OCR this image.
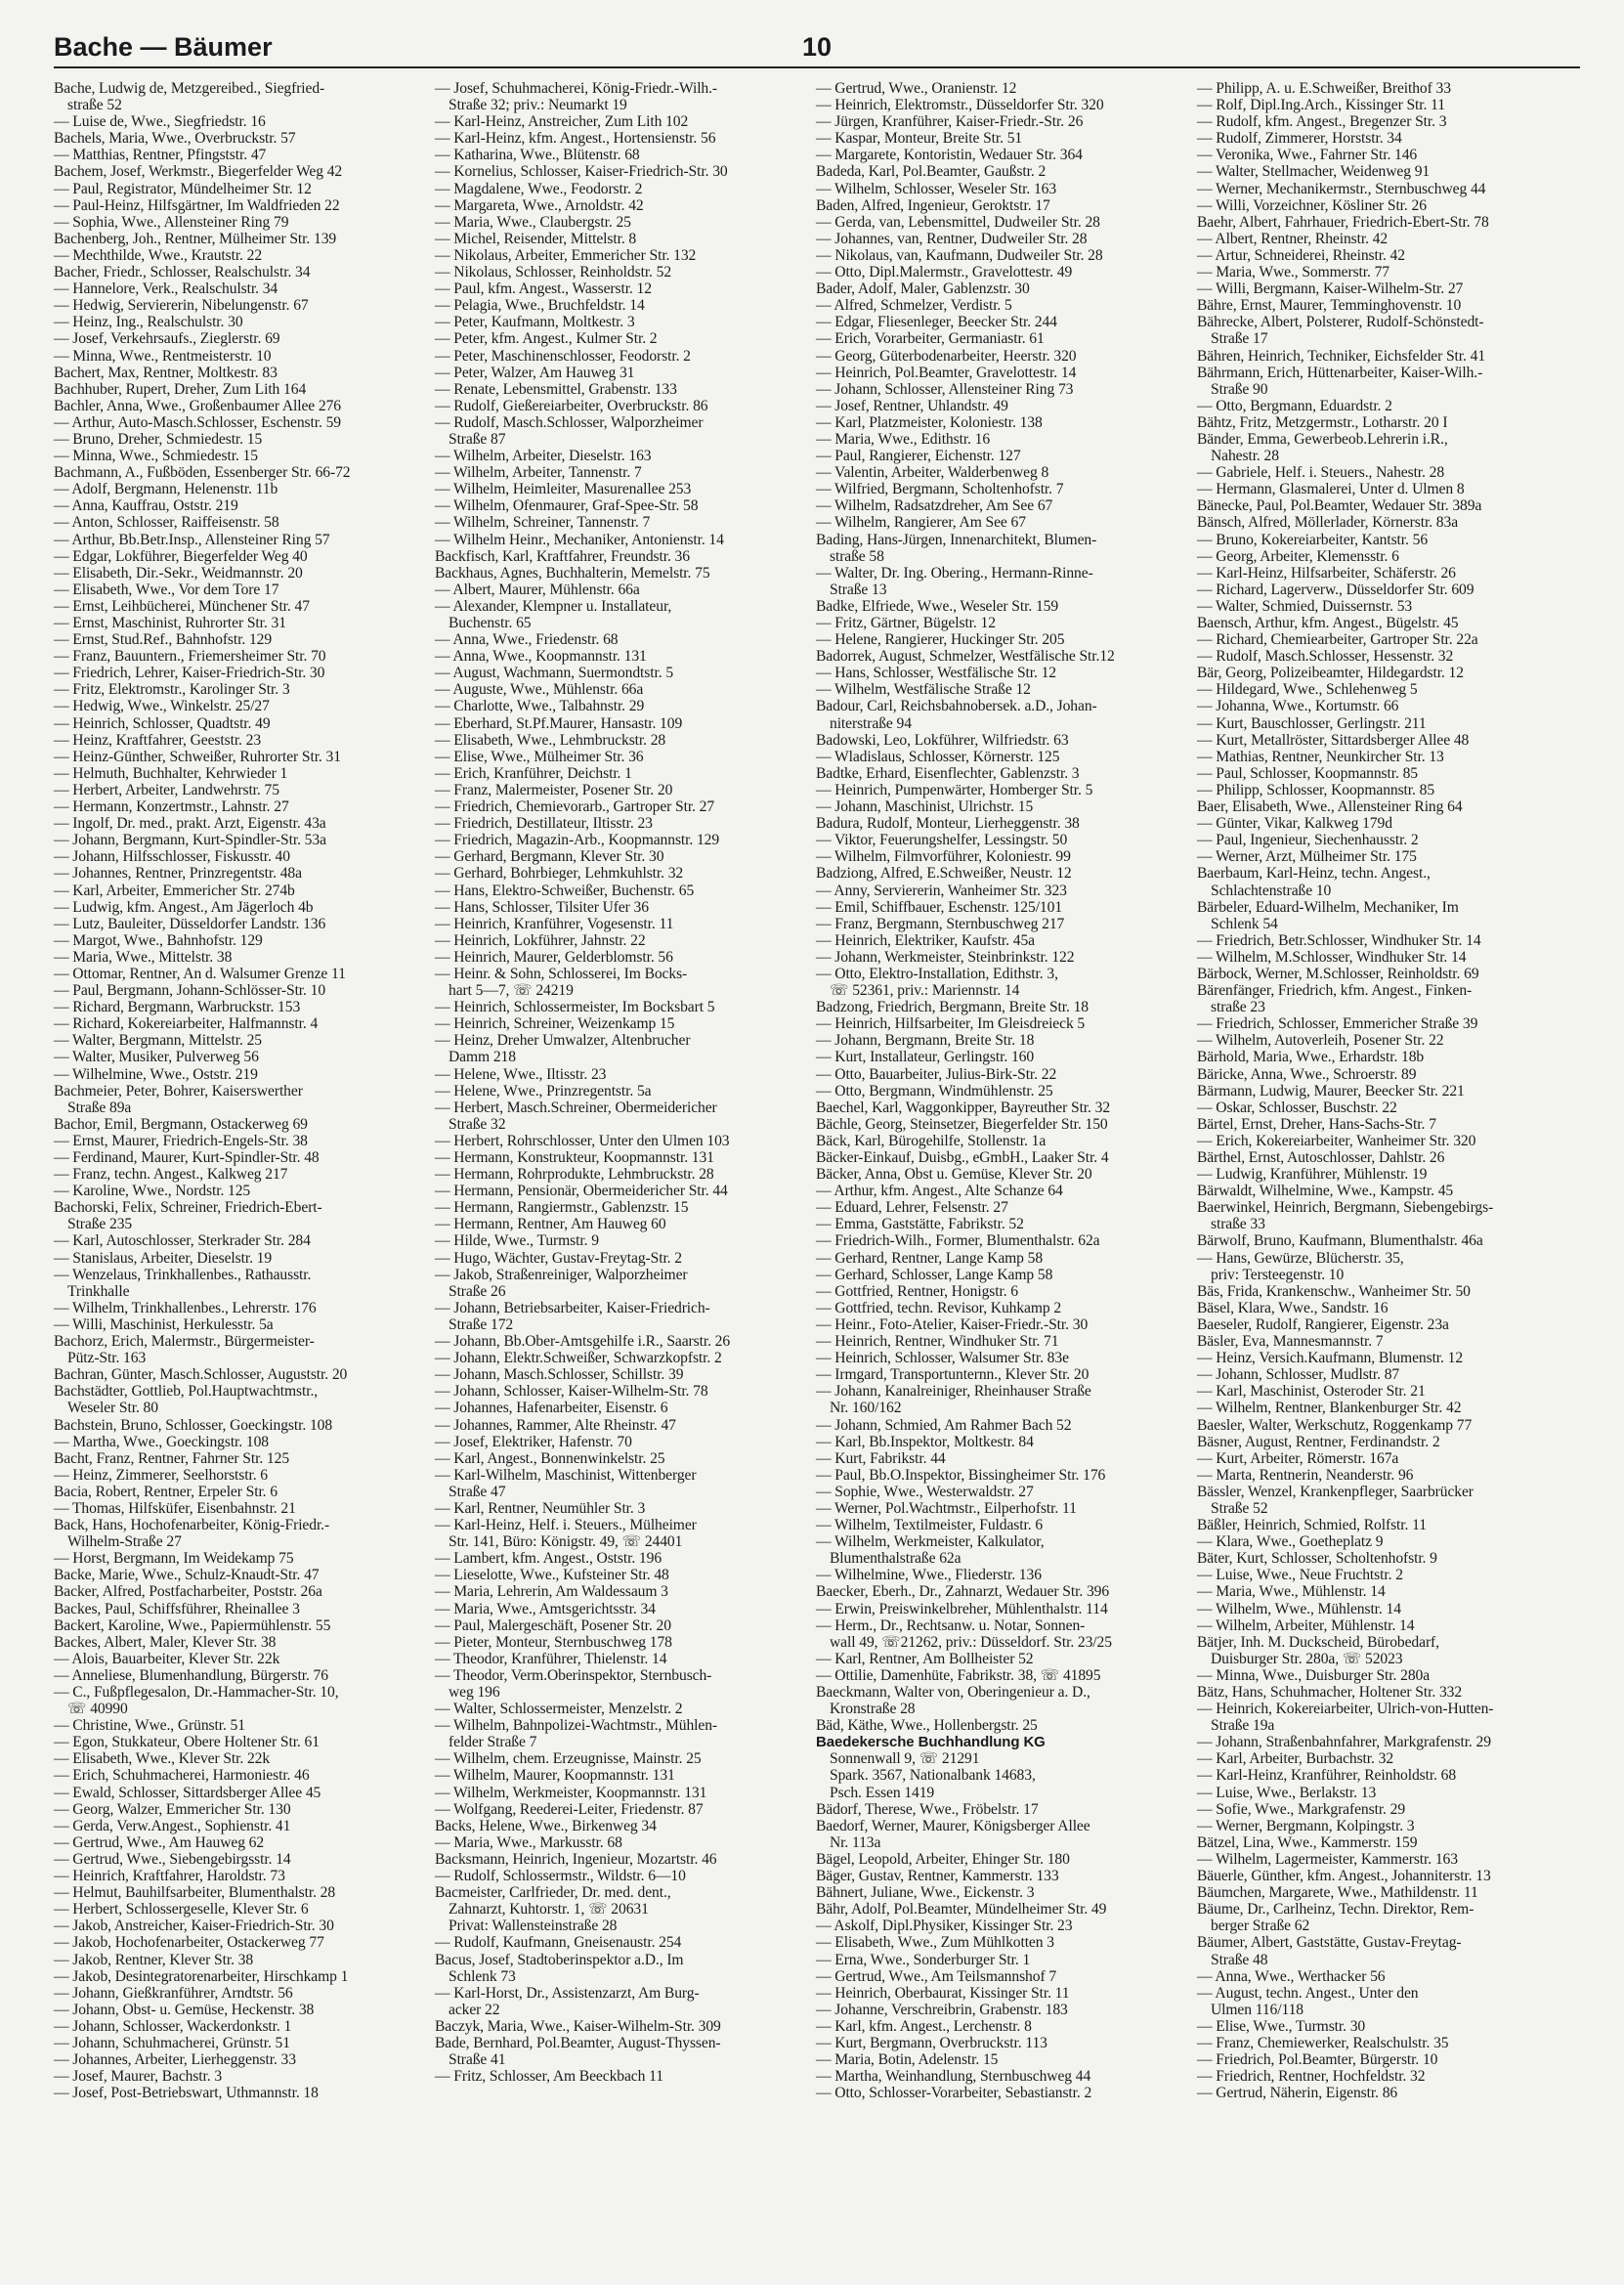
Bache — Bäumer	10

Bache, Ludwig de, Metzgereibed., Siegfried-

straße 52

— Luise de, Wwe., Siegfriedstr. 16

Bachels, Maria, Wwe., Overbruckstr. 57

— Matthias, Rentner, Pfingststr. 47

Bachem, Josef, Werkmstr., Biegerfelder Weg 42

— Paul, Registrator, Mündelheimer Str. 12

— Paul-Heinz, Hilfsgärtner, Im Waldfrieden 22

— Sophia, Wwe., Allensteiner Ring 79

Bachenberg, Joh., Rentner, Mülheimer Str. 139

— Mechthilde, Wwe., Krautstr. 22

Bacher, Friedr., Schlosser, Realschulstr. 34

— Hannelore, Verk., Realschulstr. 34

— Hedwig, Serviererin, Nibelungenstr. 67

— Heinz, Ing., Realschulstr. 30

— Josef, Verkehrsaufs., Zieglerstr. 69

— Minna, Wwe., Rentmeisterstr. 10

Bachert, Max, Rentner, Moltkestr. 83

Bachhuber, Rupert, Dreher, Zum Lith 164

Bachler, Anna, Wwe., Großenbaumer Allee 276

— Arthur, Auto-Masch.Schlosser, Eschenstr. 59

— Bruno, Dreher, Schmiedestr. 15

— Minna, Wwe., Schmiedestr. 15

Bachmann, A., Fußböden, Essenberger Str. 66-72

— Adolf, Bergmann, Helenenstr. 11b

— Anna, Kauffrau, Oststr. 219

— Anton, Schlosser, Raiffeisenstr. 58

— Arthur, Bb.Betr.Insp., Allensteiner Ring 57

— Edgar, Lokführer, Biegerfelder Weg 40

— Elisabeth, Dir.-Sekr., Weidmannstr. 20

— Elisabeth, Wwe., Vor dem Tore 17

— Ernst, Leihbücherei, Münchener Str. 47

— Ernst, Maschinist, Ruhrorter Str. 31

— Ernst, Stud.Ref., Bahnhofstr. 129

— Franz, Bauuntern., Friemersheimer Str. 70

— Friedrich, Lehrer, Kaiser-Friedrich-Str. 30

— Fritz, Elektromstr., Karolinger Str. 3

— Hedwig, Wwe., Winkelstr. 25/27

— Heinrich, Schlosser, Quadtstr. 49

— Heinz, Kraftfahrer, Geeststr. 23

— Heinz-Günther, Schweißer, Ruhrorter Str. 31

— Helmuth, Buchhalter, Kehrwieder 1

— Herbert, Arbeiter, Landwehrstr. 75

— Hermann, Konzertmstr., Lahnstr. 27

— Ingolf, Dr. med., prakt. Arzt, Eigenstr. 43a

— Johann, Bergmann, Kurt-Spindler-Str. 53a

— Johann, Hilfsschlosser, Fiskusstr. 40

— Johannes, Rentner, Prinzregentstr. 48a

— Karl, Arbeiter, Emmericher Str. 274b

— Ludwig, kfm. Angest., Am Jägerloch 4b

— Lutz, Bauleiter, Düsseldorfer Landstr. 136

— Margot, Wwe., Bahnhofstr. 129

— Maria, Wwe., Mittelstr. 38

— Ottomar, Rentner, An d. Walsumer Grenze 11

— Paul, Bergmann, Johann-Schlösser-Str. 10

— Richard, Bergmann, Warbruckstr. 153

— Richard, Kokereiarbeiter, Halfmannstr. 4

— Walter, Bergmann, Mittelstr. 25

— Walter, Musiker, Pulverweg 56

— Wilhelmine, Wwe., Oststr. 219

Bachmeier, Peter, Bohrer, Kaiserswerther

Straße 89a

Bachor, Emil, Bergmann, Ostackerweg 69

— Ernst, Maurer, Friedrich-Engels-Str. 38

— Ferdinand, Maurer, Kurt-Spindler-Str. 48

— Franz, techn. Angest., Kalkweg 217

— Karoline, Wwe., Nordstr. 125

Bachorski, Felix, Schreiner, Friedrich-Ebert-

Straße 235

— Karl, Autoschlosser, Sterkrader Str. 284

— Stanislaus, Arbeiter, Dieselstr. 19

— Wenzelaus, Trinkhallenbes., Rathausstr.

Trinkhalle

— Wilhelm, Trinkhallenbes., Lehrerstr. 176

— Willi, Maschinist, Herkulesstr. 5a

Bachorz, Erich, Malermstr., Bürgermeister-

Pütz-Str. 163

Bachran, Günter, Masch.Schlosser, Auguststr. 20

Bachstädter, Gottlieb, Pol.Hauptwachtmstr.,

Weseler Str. 80

Bachstein, Bruno, Schlosser, Goeckingstr. 108

— Martha, Wwe., Goeckingstr. 108

Bacht, Franz, Rentner, Fahrner Str. 125

— Heinz, Zimmerer, Seelhorststr. 6

Bacia, Robert, Rentner, Erpeler Str. 6

— Thomas, Hilfsküfer, Eisenbahnstr. 21

Back, Hans, Hochofenarbeiter, König-Friedr.-

Wilhelm-Straße 27

— Horst, Bergmann, Im Weidekamp 75

Backe, Marie, Wwe., Schulz-Knaudt-Str. 47

Backer, Alfred, Postfacharbeiter, Poststr. 26a

Backes, Paul, Schiffsführer, Rheinallee 3

Backert, Karoline, Wwe., Papiermühlenstr. 55

Backes, Albert, Maler, Klever Str. 38

— Alois, Bauarbeiter, Klever Str. 22k

— Anneliese, Blumenhandlung, Bürgerstr. 76

— C., Fußpflegesalon, Dr.-Hammacher-Str. 10,

☏ 40990

— Christine, Wwe., Grünstr. 51

— Egon, Stukkateur, Obere Holtener Str. 61

— Elisabeth, Wwe., Klever Str. 22k

— Erich, Schuhmacherei, Harmoniestr. 46

— Ewald, Schlosser, Sittardsberger Allee 45

— Georg, Walzer, Emmericher Str. 130

— Gerda, Verw.Angest., Sophienstr. 41

— Gertrud, Wwe., Am Hauweg 62

— Gertrud, Wwe., Siebengebirgsstr. 14

— Heinrich, Kraftfahrer, Haroldstr. 73

— Helmut, Bauhilfsarbeiter, Blumenthalstr. 28

— Herbert, Schlossergeselle, Klever Str. 6

— Jakob, Anstreicher, Kaiser-Friedrich-Str. 30

— Jakob, Hochofenarbeiter, Ostackerweg 77

— Jakob, Rentner, Klever Str. 38

— Jakob, Desintegratorenarbeiter, Hirschkamp 1

— Johann, Gießkranführer, Arndtstr. 56

— Johann, Obst- u. Gemüse, Heckenstr. 38

— Johann, Schlosser, Wackerdonkstr. 1

— Johann, Schuhmacherei, Grünstr. 51

— Johannes, Arbeiter, Lierheggenstr. 33

— Josef, Maurer, Bachstr. 3

— Josef, Post-Betriebswart, Uthmannstr. 18

— Josef, Schuhmacherei, König-Friedr.-Wilh.-

Straße 32; priv.: Neumarkt 19

— Karl-Heinz, Anstreicher, Zum Lith 102

— Karl-Heinz, kfm. Angest., Hortensienstr. 56

— Katharina, Wwe., Blütenstr. 68

— Kornelius, Schlosser, Kaiser-Friedrich-Str. 30

— Magdalene, Wwe., Feodorstr. 2

— Margareta, Wwe., Arnoldstr. 42

— Maria, Wwe., Claubergstr. 25

— Michel, Reisender, Mittelstr. 8

— Nikolaus, Arbeiter, Emmericher Str. 132

— Nikolaus, Schlosser, Reinholdstr. 52

— Paul, kfm. Angest., Wasserstr. 12

— Pelagia, Wwe., Bruchfeldstr. 14

— Peter, Kaufmann, Moltkestr. 3

— Peter, kfm. Angest., Kulmer Str. 2

— Peter, Maschinenschlosser, Feodorstr. 2

— Peter, Walzer, Am Hauweg 31

— Renate, Lebensmittel, Grabenstr. 133

— Rudolf, Gießereiarbeiter, Overbruckstr. 86

— Rudolf, Masch.Schlosser, Walporzheimer

Straße 87

— Wilhelm, Arbeiter, Dieselstr. 163

— Wilhelm, Arbeiter, Tannenstr. 7

— Wilhelm, Heimleiter, Masurenallee 253

— Wilhelm, Ofenmaurer, Graf-Spee-Str. 58

— Wilhelm, Schreiner, Tannenstr. 7

— Wilhelm Heinr., Mechaniker, Antonienstr. 14

Backfisch, Karl, Kraftfahrer, Freundstr. 36

Backhaus, Agnes, Buchhalterin, Memelstr. 75

— Albert, Maurer, Mühlenstr. 66a

— Alexander, Klempner u. Installateur,

Buchenstr. 65

— Anna, Wwe., Friedenstr. 68

— Anna, Wwe., Koopmannstr. 131

— August, Wachmann, Suermondtstr. 5

— Auguste, Wwe., Mühlenstr. 66a

— Charlotte, Wwe., Talbahnstr. 29

— Eberhard, St.Pf.Maurer, Hansastr. 109

— Elisabeth, Wwe., Lehmbruckstr. 28

— Elise, Wwe., Mülheimer Str. 36

— Erich, Kranführer, Deichstr. 1

— Franz, Malermeister, Posener Str. 20

— Friedrich, Chemievorarb., Gartroper Str. 27

— Friedrich, Destillateur, Iltisstr. 23

— Friedrich, Magazin-Arb., Koopmannstr. 129

— Gerhard, Bergmann, Klever Str. 30

— Gerhard, Bohrbieger, Lehmkuhlstr. 32

— Hans, Elektro-Schweißer, Buchenstr. 65

— Hans, Schlosser, Tilsiter Ufer 36

— Heinrich, Kranführer, Vogesenstr. 11

— Heinrich, Lokführer, Jahnstr. 22

— Heinrich, Maurer, Gelderblomstr. 56

— Heinr. & Sohn, Schlosserei, Im Bocks-

hart 5—7, ☏ 24219

— Heinrich, Schlossermeister, Im Bocksbart 5

— Heinrich, Schreiner, Weizenkamp 15

— Heinz, Dreher Umwalzer, Altenbrucher

Damm 218

— Helene, Wwe., Iltisstr. 23

— Helene, Wwe., Prinzregentstr. 5a

— Herbert, Masch.Schreiner, Obermeidericher

Straße 32

— Herbert, Rohrschlosser, Unter den Ulmen 103

— Hermann, Konstrukteur, Koopmannstr. 131

— Hermann, Rohrprodukte, Lehmbruckstr. 28

— Hermann, Pensionär, Obermeidericher Str. 44

— Hermann, Rangiermstr., Gablenzstr. 15

— Hermann, Rentner, Am Hauweg 60

— Hilde, Wwe., Turmstr. 9

— Hugo, Wächter, Gustav-Freytag-Str. 2

— Jakob, Straßenreiniger, Walporzheimer

Straße 26

— Johann, Betriebsarbeiter, Kaiser-Friedrich-

Straße 172

— Johann, Bb.Ober-Amtsgehilfe i.R., Saarstr. 26

— Johann, Elektr.Schweißer, Schwarzkopfstr. 2

— Johann, Masch.Schlosser, Schillstr. 39

— Johann, Schlosser, Kaiser-Wilhelm-Str. 78

— Johannes, Hafenarbeiter, Eisenstr. 6

— Johannes, Rammer, Alte Rheinstr. 47

— Josef, Elektriker, Hafenstr. 70

— Karl, Angest., Bonnenwinkelstr. 25

— Karl-Wilhelm, Maschinist, Wittenberger

Straße 47

— Karl, Rentner, Neumühler Str. 3

— Karl-Heinz, Helf. i. Steuers., Mülheimer

Str. 141, Büro: Königstr. 49, ☏ 24401

— Lambert, kfm. Angest., Oststr. 196

— Lieselotte, Wwe., Kufsteiner Str. 48

— Maria, Lehrerin, Am Waldessaum 3

— Maria, Wwe., Amtsgerichtsstr. 34

— Paul, Malergeschäft, Posener Str. 20

— Pieter, Monteur, Sternbuschweg 178

— Theodor, Kranführer, Thielenstr. 14

— Theodor, Verm.Oberinspektor, Sternbusch-

weg 196

— Walter, Schlossermeister, Menzelstr. 2

— Wilhelm, Bahnpolizei-Wachtmstr., Mühlen-

felder Straße 7

— Wilhelm, chem. Erzeugnisse, Mainstr. 25

— Wilhelm, Maurer, Koopmannstr. 131

— Wilhelm, Werkmeister, Koopmannstr. 131

— Wolfgang, Reederei-Leiter, Friedenstr. 87

Backs, Helene, Wwe., Birkenweg 34

— Maria, Wwe., Markusstr. 68

Backsmann, Heinrich, Ingenieur, Mozartstr. 46

— Rudolf, Schlossermstr., Wildstr. 6—10

Bacmeister, Carlfrieder, Dr. med. dent.,

Zahnarzt, Kuhtorstr. 1, ☏ 20631

Privat: Wallensteinstraße 28

— Rudolf, Kaufmann, Gneisenaustr. 254

Bacus, Josef, Stadtoberinspektor a.D., Im

Schlenk 73

— Karl-Horst, Dr., Assistenzarzt, Am Burg-

acker 22

Baczyk, Maria, Wwe., Kaiser-Wilhelm-Str. 309

Bade, Bernhard, Pol.Beamter, August-Thyssen-

Straße 41

— Fritz, Schlosser, Am Beeckbach 11

— Gertrud, Wwe., Oranienstr. 12

— Heinrich, Elektromstr., Düsseldorfer Str. 320

— Jürgen, Kranführer, Kaiser-Friedr.-Str. 26

— Kaspar, Monteur, Breite Str. 51

— Margarete, Kontoristin, Wedauer Str. 364

Badeda, Karl, Pol.Beamter, Gaußstr. 2

— Wilhelm, Schlosser, Weseler Str. 163

Baden, Alfred, Ingenieur, Geroktstr. 17

— Gerda, van, Lebensmittel, Dudweiler Str. 28

— Johannes, van, Rentner, Dudweiler Str. 28

— Nikolaus, van, Kaufmann, Dudweiler Str. 28

— Otto, Dipl.Malermstr., Gravelottestr. 49

Bader, Adolf, Maler, Gablenzstr. 30

— Alfred, Schmelzer, Verdistr. 5

— Edgar, Fliesenleger, Beecker Str. 244

— Erich, Vorarbeiter, Germaniastr. 61

— Georg, Güterbodenarbeiter, Heerstr. 320

— Heinrich, Pol.Beamter, Gravelottestr. 14

— Johann, Schlosser, Allensteiner Ring 73

— Josef, Rentner, Uhlandstr. 49

— Karl, Platzmeister, Koloniestr. 138

— Maria, Wwe., Edithstr. 16

— Paul, Rangierer, Eichenstr. 127

— Valentin, Arbeiter, Walderbenweg 8

— Wilfried, Bergmann, Scholtenhofstr. 7

— Wilhelm, Radsatzdreher, Am See 67

— Wilhelm, Rangierer, Am See 67

Bading, Hans-Jürgen, Innenarchitekt, Blumen-

straße 58

— Walter, Dr. Ing. Obering., Hermann-Rinne-

Straße 13

Badke, Elfriede, Wwe., Weseler Str. 159

— Fritz, Gärtner, Bügelstr. 12

— Helene, Rangierer, Huckinger Str. 205

Badorrek, August, Schmelzer, Westfälische Str.12

— Hans, Schlosser, Westfälische Str. 12

— Wilhelm, Westfälische Straße 12

Badour, Carl, Reichsbahnobersek. a.D., Johan-

niterstraße 94

Badowski, Leo, Lokführer, Wilfriedstr. 63

— Wladislaus, Schlosser, Körnerstr. 125

Badtke, Erhard, Eisenflechter, Gablenzstr. 3

— Heinrich, Pumpenwärter, Homberger Str. 5

— Johann, Maschinist, Ulrichstr. 15

Badura, Rudolf, Monteur, Lierheggenstr. 38

— Viktor, Feuerungshelfer, Lessingstr. 50

— Wilhelm, Filmvorführer, Koloniestr. 99

Badziong, Alfred, E.Schweißer, Neustr. 12

— Anny, Serviererin, Wanheimer Str. 323

— Emil, Schiffbauer, Eschenstr. 125/101

— Franz, Bergmann, Sternbuschweg 217

— Heinrich, Elektriker, Kaufstr. 45a

— Johann, Werkmeister, Steinbrinkstr. 122

— Otto, Elektro-Installation, Edithstr. 3,

☏ 52361, priv.: Mariennstr. 14

Badzong, Friedrich, Bergmann, Breite Str. 18

— Heinrich, Hilfsarbeiter, Im Gleisdreieck 5

— Johann, Bergmann, Breite Str. 18

— Kurt, Installateur, Gerlingstr. 160

— Otto, Bauarbeiter, Julius-Birk-Str. 22

— Otto, Bergmann, Windmühlenstr. 25

Baechel, Karl, Waggonkipper, Bayreuther Str. 32

Bächle, Georg, Steinsetzer, Biegerfelder Str. 150

Bäck, Karl, Bürogehilfe, Stollenstr. 1a

Bäcker-Einkauf, Duisbg., eGmbH., Laaker Str. 4

Bäcker, Anna, Obst u. Gemüse, Klever Str. 20

— Arthur, kfm. Angest., Alte Schanze 64

— Eduard, Lehrer, Felsenstr. 27

— Emma, Gaststätte, Fabrikstr. 52

— Friedrich-Wilh., Former, Blumenthalstr. 62a

— Gerhard, Rentner, Lange Kamp 58

— Gerhard, Schlosser, Lange Kamp 58

— Gottfried, Rentner, Honigstr. 6

— Gottfried, techn. Revisor, Kuhkamp 2

— Heinr., Foto-Atelier, Kaiser-Friedr.-Str. 30

— Heinrich, Rentner, Windhuker Str. 71

— Heinrich, Schlosser, Walsumer Str. 83e

— Irmgard, Transportunternn., Klever Str. 20

— Johann, Kanalreiniger, Rheinhauser Straße

Nr. 160/162

— Johann, Schmied, Am Rahmer Bach 52

— Karl, Bb.Inspektor, Moltkestr. 84

— Kurt, Fabrikstr. 44

— Paul, Bb.O.Inspektor, Bissingheimer Str. 176

— Sophie, Wwe., Westerwaldstr. 27

— Werner, Pol.Wachtmstr., Eilperhofstr. 11

— Wilhelm, Textilmeister, Fuldastr. 6

— Wilhelm, Werkmeister, Kalkulator,

Blumenthalstraße 62a

— Wilhelmine, Wwe., Fliederstr. 136

Baecker, Eberh., Dr., Zahnarzt, Wedauer Str. 396

— Erwin, Preiswinkelbreher, Mühlenthalstr. 114

— Herm., Dr., Rechtsanw. u. Notar, Sonnen-

wall 49, ☏21262, priv.: Düsseldorf. Str. 23/25

— Karl, Rentner, Am Bollheister 52

— Ottilie, Damenhüte, Fabrikstr. 38, ☏ 41895

Baeckmann, Walter von, Oberingenieur a. D.,

Kronstraße 28

Bäd, Käthe, Wwe., Hollenbergstr. 25

Baedekersche Buchhandlung KG

Sonnenwall 9, ☏ 21291

Spark. 3567, Nationalbank 14683,

Psch. Essen 1419

Bädorf, Therese, Wwe., Fröbelstr. 17

Baedorf, Werner, Maurer, Königsberger Allee

Nr. 113a

Bägel, Leopold, Arbeiter, Ehinger Str. 180

Bäger, Gustav, Rentner, Kammerstr. 133

Bähnert, Juliane, Wwe., Eickenstr. 3

Bähr, Adolf, Pol.Beamter, Mündelheimer Str. 49

— Askolf, Dipl.Physiker, Kissinger Str. 23

— Elisabeth, Wwe., Zum Mühlkotten 3

— Erna, Wwe., Sonderburger Str. 1

— Gertrud, Wwe., Am Teilsmannshof 7

— Heinrich, Oberbaurat, Kissinger Str. 11

— Johanne, Verschreibrin, Grabenstr. 183

— Karl, kfm. Angest., Lerchenstr. 8

— Kurt, Bergmann, Overbruckstr. 113

— Maria, Botin, Adelenstr. 15

— Martha, Weinhandlung, Sternbuschweg 44

— Otto, Schlosser-Vorarbeiter, Sebastianstr. 2

— Philipp, A. u. E.Schweißer, Breithof 33

— Rolf, Dipl.Ing.Arch., Kissinger Str. 11

— Rudolf, kfm. Angest., Bregenzer Str. 3

— Rudolf, Zimmerer, Horststr. 34

— Veronika, Wwe., Fahrner Str. 146

— Walter, Stellmacher, Weidenweg 91

— Werner, Mechanikermstr., Sternbuschweg 44

— Willi, Vorzeichner, Kösliner Str. 26

Baehr, Albert, Fahrhauer, Friedrich-Ebert-Str. 78

— Albert, Rentner, Rheinstr. 42

— Artur, Schneiderei, Rheinstr. 42

— Maria, Wwe., Sommerstr. 77

— Willi, Bergmann, Kaiser-Wilhelm-Str. 27

Bähre, Ernst, Maurer, Temminghovenstr. 10

Bährecke, Albert, Polsterer, Rudolf-Schönstedt-

Straße 17

Bähren, Heinrich, Techniker, Eichsfelder Str. 41

Bährmann, Erich, Hüttenarbeiter, Kaiser-Wilh.-

Straße 90

— Otto, Bergmann, Eduardstr. 2

Bähtz, Fritz, Metzgermstr., Lotharstr. 20 I

Bänder, Emma, Gewerbeob.Lehrerin i.R.,

Nahestr. 28

— Gabriele, Helf. i. Steuers., Nahestr. 28

— Hermann, Glasmalerei, Unter d. Ulmen 8

Bänecke, Paul, Pol.Beamter, Wedauer Str. 389a

Bänsch, Alfred, Möllerlader, Körnerstr. 83a

— Bruno, Kokereiarbeiter, Kantstr. 56

— Georg, Arbeiter, Klemensstr. 6

— Karl-Heinz, Hilfsarbeiter, Schäferstr. 26

— Richard, Lagerverw., Düsseldorfer Str. 609

— Walter, Schmied, Duissernstr. 53

Baensch, Arthur, kfm. Angest., Bügelstr. 45

— Richard, Chemiearbeiter, Gartroper Str. 22a

— Rudolf, Masch.Schlosser, Hessenstr. 32

Bär, Georg, Polizeibeamter, Hildegardstr. 12

— Hildegard, Wwe., Schlehenweg 5

— Johanna, Wwe., Kortumstr. 66

— Kurt, Bauschlosser, Gerlingstr. 211

— Kurt, Metallröster, Sittardsberger Allee 48

— Mathias, Rentner, Neunkircher Str. 13

— Paul, Schlosser, Koopmannstr. 85

— Philipp, Schlosser, Koopmannstr. 85

Baer, Elisabeth, Wwe., Allensteiner Ring 64

— Günter, Vikar, Kalkweg 179d

— Paul, Ingenieur, Siechenhausstr. 2

— Werner, Arzt, Mülheimer Str. 175

Baerbaum, Karl-Heinz, techn. Angest.,

Schlachtenstraße 10

Bärbeler, Eduard-Wilhelm, Mechaniker, Im

Schlenk 54

— Friedrich, Betr.Schlosser, Windhuker Str. 14

— Wilhelm, M.Schlosser, Windhuker Str. 14

Bärbock, Werner, M.Schlosser, Reinholdstr. 69

Bärenfänger, Friedrich, kfm. Angest., Finken-

straße 23

— Friedrich, Schlosser, Emmericher Straße 39

— Wilhelm, Autoverleih, Posener Str. 22

Bärhold, Maria, Wwe., Erhardstr. 18b

Bäricke, Anna, Wwe., Schroerstr. 89

Bärmann, Ludwig, Maurer, Beecker Str. 221

— Oskar, Schlosser, Buschstr. 22

Bärtel, Ernst, Dreher, Hans-Sachs-Str. 7

— Erich, Kokereiarbeiter, Wanheimer Str. 320

Bärthel, Ernst, Autoschlosser, Dahlstr. 26

— Ludwig, Kranführer, Mühlenstr. 19

Bärwaldt, Wilhelmine, Wwe., Kampstr. 45

Baerwinkel, Heinrich, Bergmann, Siebengebirgs-

straße 33

Bärwolf, Bruno, Kaufmann, Blumenthalstr. 46a

— Hans, Gewürze, Blücherstr. 35,

priv: Tersteegenstr. 10

Bäs, Frida, Krankenschw., Wanheimer Str. 50

Bäsel, Klara, Wwe., Sandstr. 16

Baeseler, Rudolf, Rangierer, Eigenstr. 23a

Bäsler, Eva, Mannesmannstr. 7

— Heinz, Versich.Kaufmann, Blumenstr. 12

— Johann, Schlosser, Mudlstr. 87

— Karl, Maschinist, Osteroder Str. 21

— Wilhelm, Rentner, Blankenburger Str. 42

Baesler, Walter, Werkschutz, Roggenkamp 77

Bäsner, August, Rentner, Ferdinandstr. 2

— Kurt, Arbeiter, Römerstr. 167a

— Marta, Rentnerin, Neanderstr. 96

Bässler, Wenzel, Krankenpfleger, Saarbrücker

Straße 52

Bäßler, Heinrich, Schmied, Rolfstr. 11

— Klara, Wwe., Goetheplatz 9

Bäter, Kurt, Schlosser, Scholtenhofstr. 9

— Luise, Wwe., Neue Fruchtstr. 2

— Maria, Wwe., Mühlenstr. 14

— Wilhelm, Wwe., Mühlenstr. 14

— Wilhelm, Arbeiter, Mühlenstr. 14

Bätjer, Inh. M. Duckscheid, Bürobedarf,

Duisburger Str. 280a, ☏ 52023

— Minna, Wwe., Duisburger Str. 280a

Bätz, Hans, Schuhmacher, Holtener Str. 332

— Heinrich, Kokereiarbeiter, Ulrich-von-Hutten-

Straße 19a

— Johann, Straßenbahnfahrer, Markgrafenstr. 29

— Karl, Arbeiter, Burbachstr. 32

— Karl-Heinz, Kranführer, Reinholdstr. 68

— Luise, Wwe., Berlakstr. 13

— Sofie, Wwe., Markgrafenstr. 29

— Werner, Bergmann, Kolpingstr. 3

Bätzel, Lina, Wwe., Kammerstr. 159

— Wilhelm, Lagermeister, Kammerstr. 163

Bäuerle, Günther, kfm. Angest., Johanniterstr. 13

Bäumchen, Margarete, Wwe., Mathildenstr. 11

Bäume, Dr., Carlheinz, Techn. Direktor, Rem-

berger Straße 62

Bäumer, Albert, Gaststätte, Gustav-Freytag-

Straße 48

— Anna, Wwe., Werthacker 56

— August, techn. Angest., Unter den

Ulmen 116/118

— Elise, Wwe., Turmstr. 30

— Franz, Chemiewerker, Realschulstr. 35

— Friedrich, Pol.Beamter, Bürgerstr. 10

— Friedrich, Rentner, Hochfeldstr. 32

— Gertrud, Näherin, Eigenstr. 86
